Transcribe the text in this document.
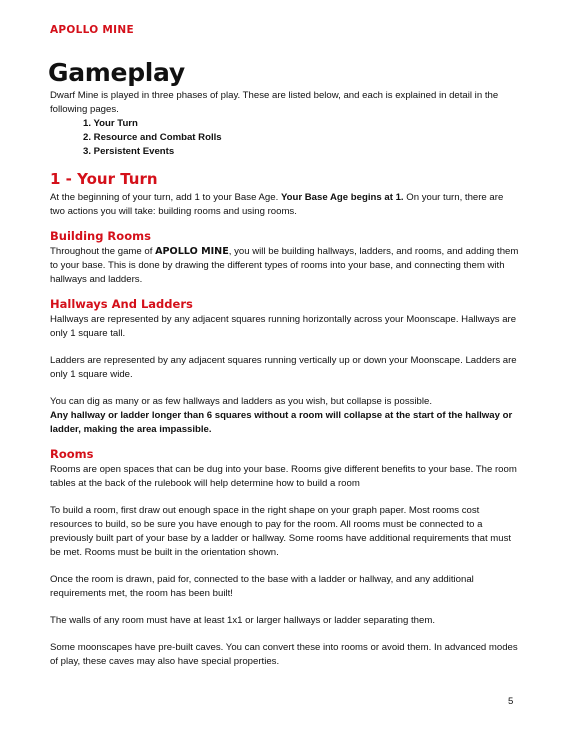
APOLLO MINE
Gameplay

Dwarf Mine is played in three phases of play. These are listed below, and each is explained in detail in the following pages.

1. Your Turn
2. Resource and Combat Rolls
3. Persistent Events
1 - Your Turn

At the beginning of your turn, add 1 to your Base Age. Your Base Age begins at 1. On your turn, there are two actions you will take: building rooms and using rooms.

Building Rooms

Throughout the game of APOLLO MINE, you will be building hallways, ladders, and rooms, and adding them to your base. This is done by drawing the different types of rooms into your base, and connecting them with hallways and ladders.

Hallways And Ladders

Hallways are represented by any adjacent squares running horizontally across your Moonscape. Hallways are only 1 square tall.

Ladders are represented by any adjacent squares running vertically up or down your Moonscape. Ladders are only 1 square wide.

You can dig as many or as few hallways and ladders as you wish, but collapse is possible.
Any hallway or ladder longer than 6 squares without a room will collapse at the start of the hallway or ladder, making the area impassible.

Rooms

Rooms are open spaces that can be dug into your base. Rooms give different benefits to your base. The room tables at the back of the rulebook will help determine how to build a room

To build a room, first draw out enough space in the right shape on your graph paper. Most rooms cost resources to build, so be sure you have enough to pay for the room. All rooms must be connected to a previously built part of your base by a ladder or hallway. Some rooms have additional requirements that must be met. Rooms must be built in the orientation shown.

Once the room is drawn, paid for, connected to the base with a ladder or hallway, and any additional requirements met, the room has been built!

The walls of any room must have at least 1x1 or larger hallways or ladder separating them.

Some moonscapes have pre-built caves. You can convert these into rooms or avoid them. In advanced modes of play, these caves may also have special properties.

5
